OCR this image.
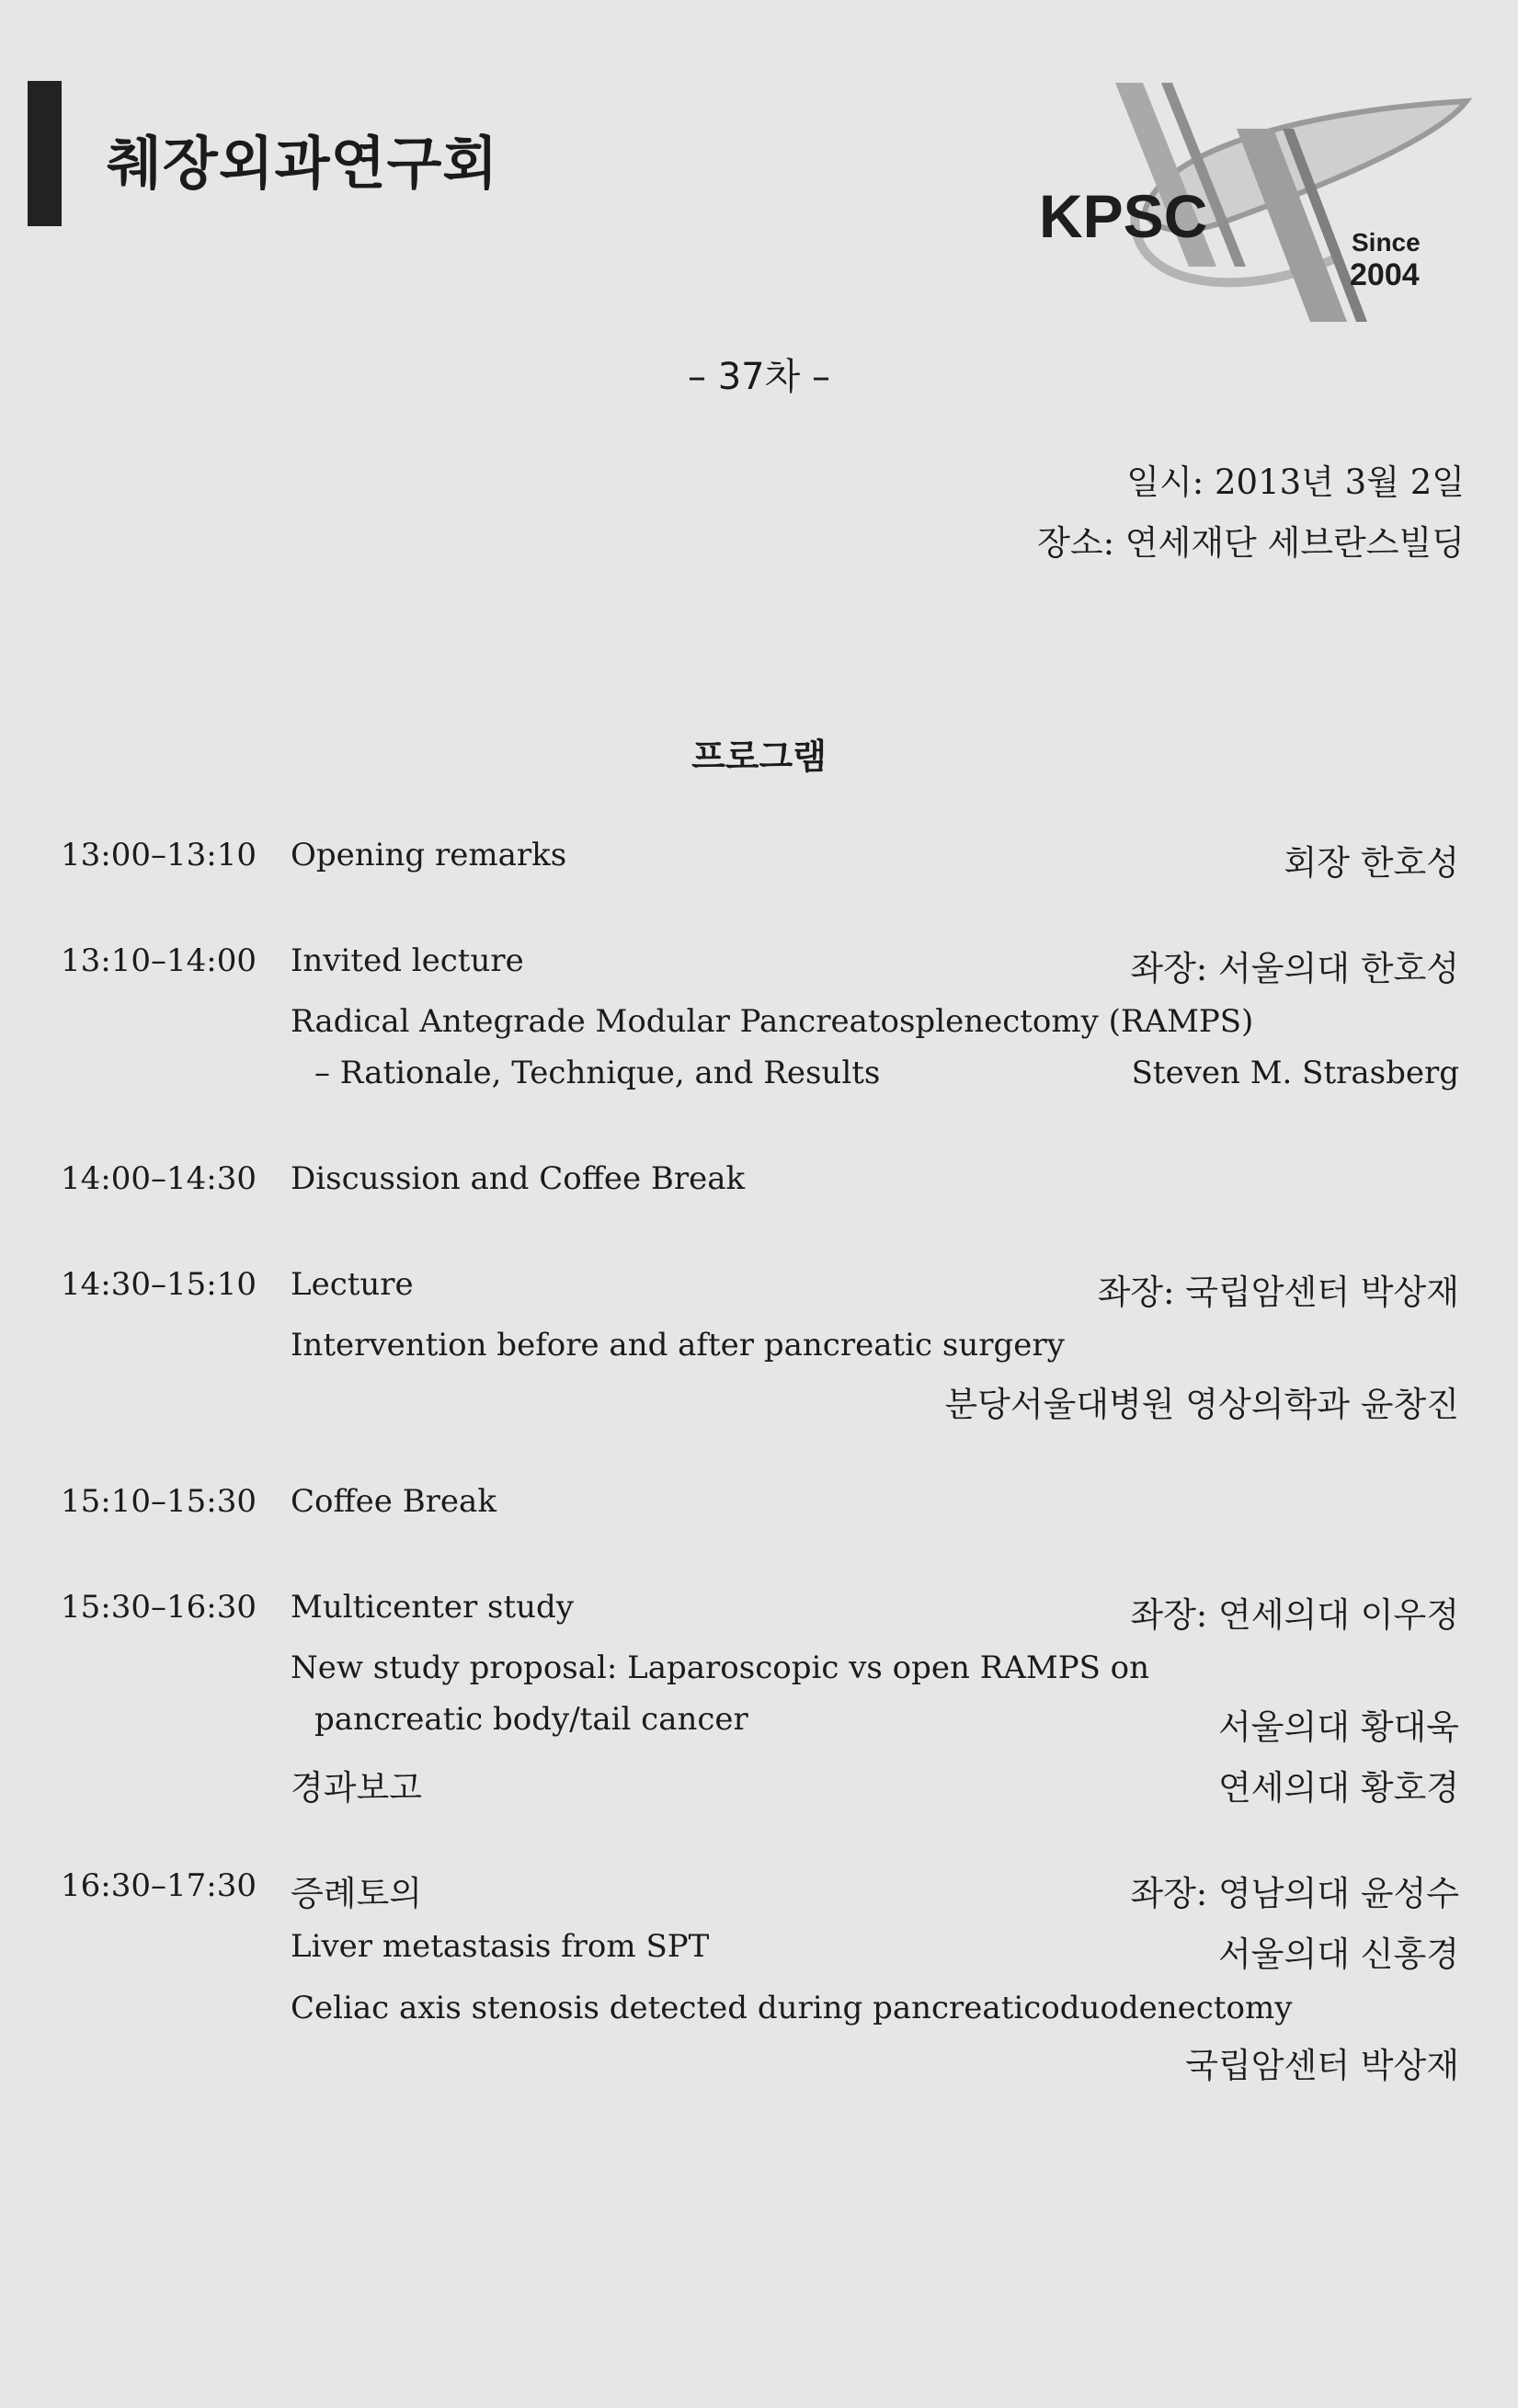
췌장외과연구회
KPSC	Since
2004
– 37차 –
일시: 2013년 3월 2일
장소: 연세재단 세브란스빌딩
프로그램
13:00–13:10 Opening remarks	회장 한호성
13:10–14:00 Invited lecture	좌장: 서울의대 한호성
Radical Antegrade Modular Pancreatosplenectomy (RAMPS)
– Rationale, Technique, and Results	Steven M. Strasberg
14:00–14:30 Discussion and Coffee Break
14:30–15:10 Lecture	좌장: 국립암센터 박상재
Intervention before and after pancreatic surgery
분당서울대병원 영상의학과 윤창진
15:10–15:30 Coffee Break
15:30–16:30 Multicenter study	좌장: 연세의대 이우정
New study proposal: Laparoscopic vs open RAMPS on
pancreatic body/tail cancer	서울의대 황대욱
경과보고	연세의대 황호경
16:30–17:30 증례토의	좌장: 영남의대 윤성수
Liver metastasis from SPT	서울의대 신홍경
Celiac axis stenosis detected during pancreaticoduodenectomy
국립암센터 박상재
